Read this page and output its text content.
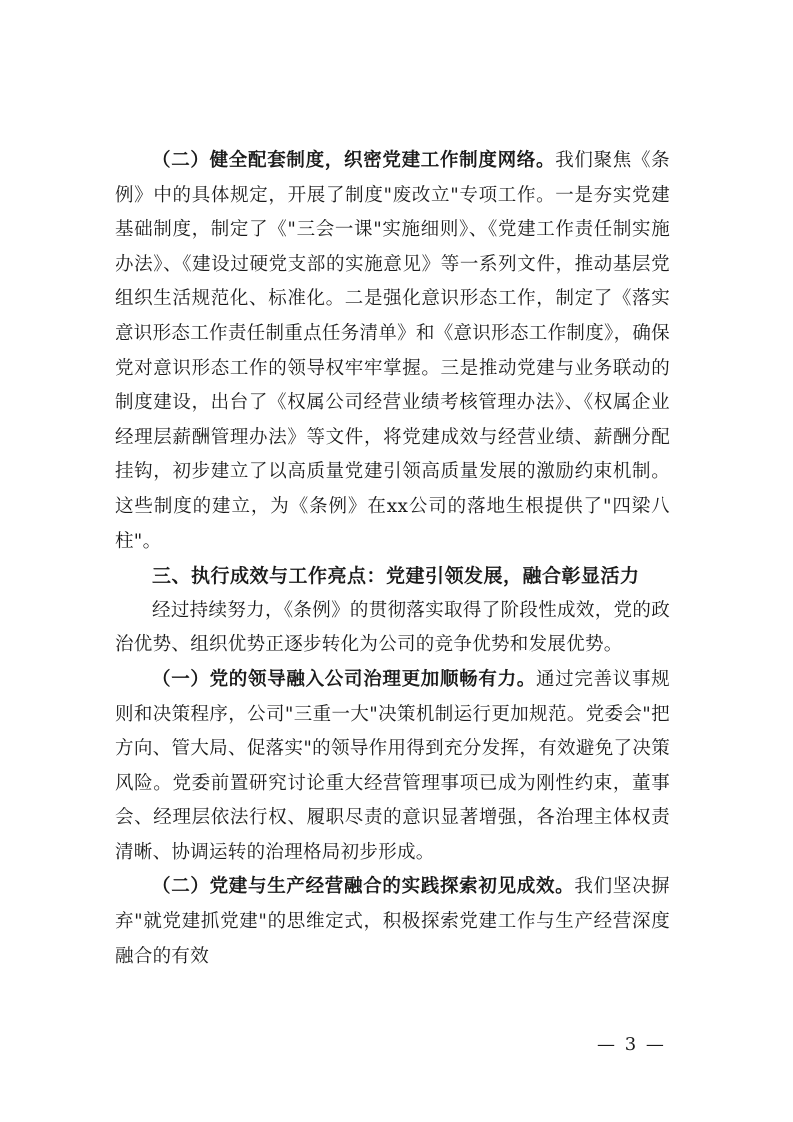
（二）健全配套制度，织密党建工作制度网络。我们聚焦《条例》中的具体规定，开展了制度"废改立"专项工作。一是夯实党建基础制度，制定了《"三会一课"实施细则》、《党建工作责任制实施办法》、《建设过硬党支部的实施意见》等一系列文件，推动基层党组织生活规范化、标准化。二是强化意识形态工作，制定了《落实意识形态工作责任制重点任务清单》和《意识形态工作制度》，确保党对意识形态工作的领导权牢牢掌握。三是推动党建与业务联动的制度建设，出台了《权属公司经营业绩考核管理办法》、《权属企业经理层薪酬管理办法》等文件，将党建成效与经营业绩、薪酬分配挂钩，初步建立了以高质量党建引领高质量发展的激励约束机制。这些制度的建立，为《条例》在xx公司的落地生根提供了"四梁八柱"。

三、执行成效与工作亮点：党建引领发展，融合彰显活力

经过持续努力，《条例》的贯彻落实取得了阶段性成效，党的政治优势、组织优势正逐步转化为公司的竞争优势和发展优势。

（一）党的领导融入公司治理更加顺畅有力。通过完善议事规则和决策程序，公司"三重一大"决策机制运行更加规范。党委会"把方向、管大局、促落实"的领导作用得到充分发挥，有效避免了决策风险。党委前置研究讨论重大经营管理事项已成为刚性约束，董事会、经理层依法行权、履职尽责的意识显著增强，各治理主体权责清晰、协调运转的治理格局初步形成。

（二）党建与生产经营融合的实践探索初见成效。我们坚决摒弃"就党建抓党建"的思维定式，积极探索党建工作与生产经营深度融合的有效

— 3 —
